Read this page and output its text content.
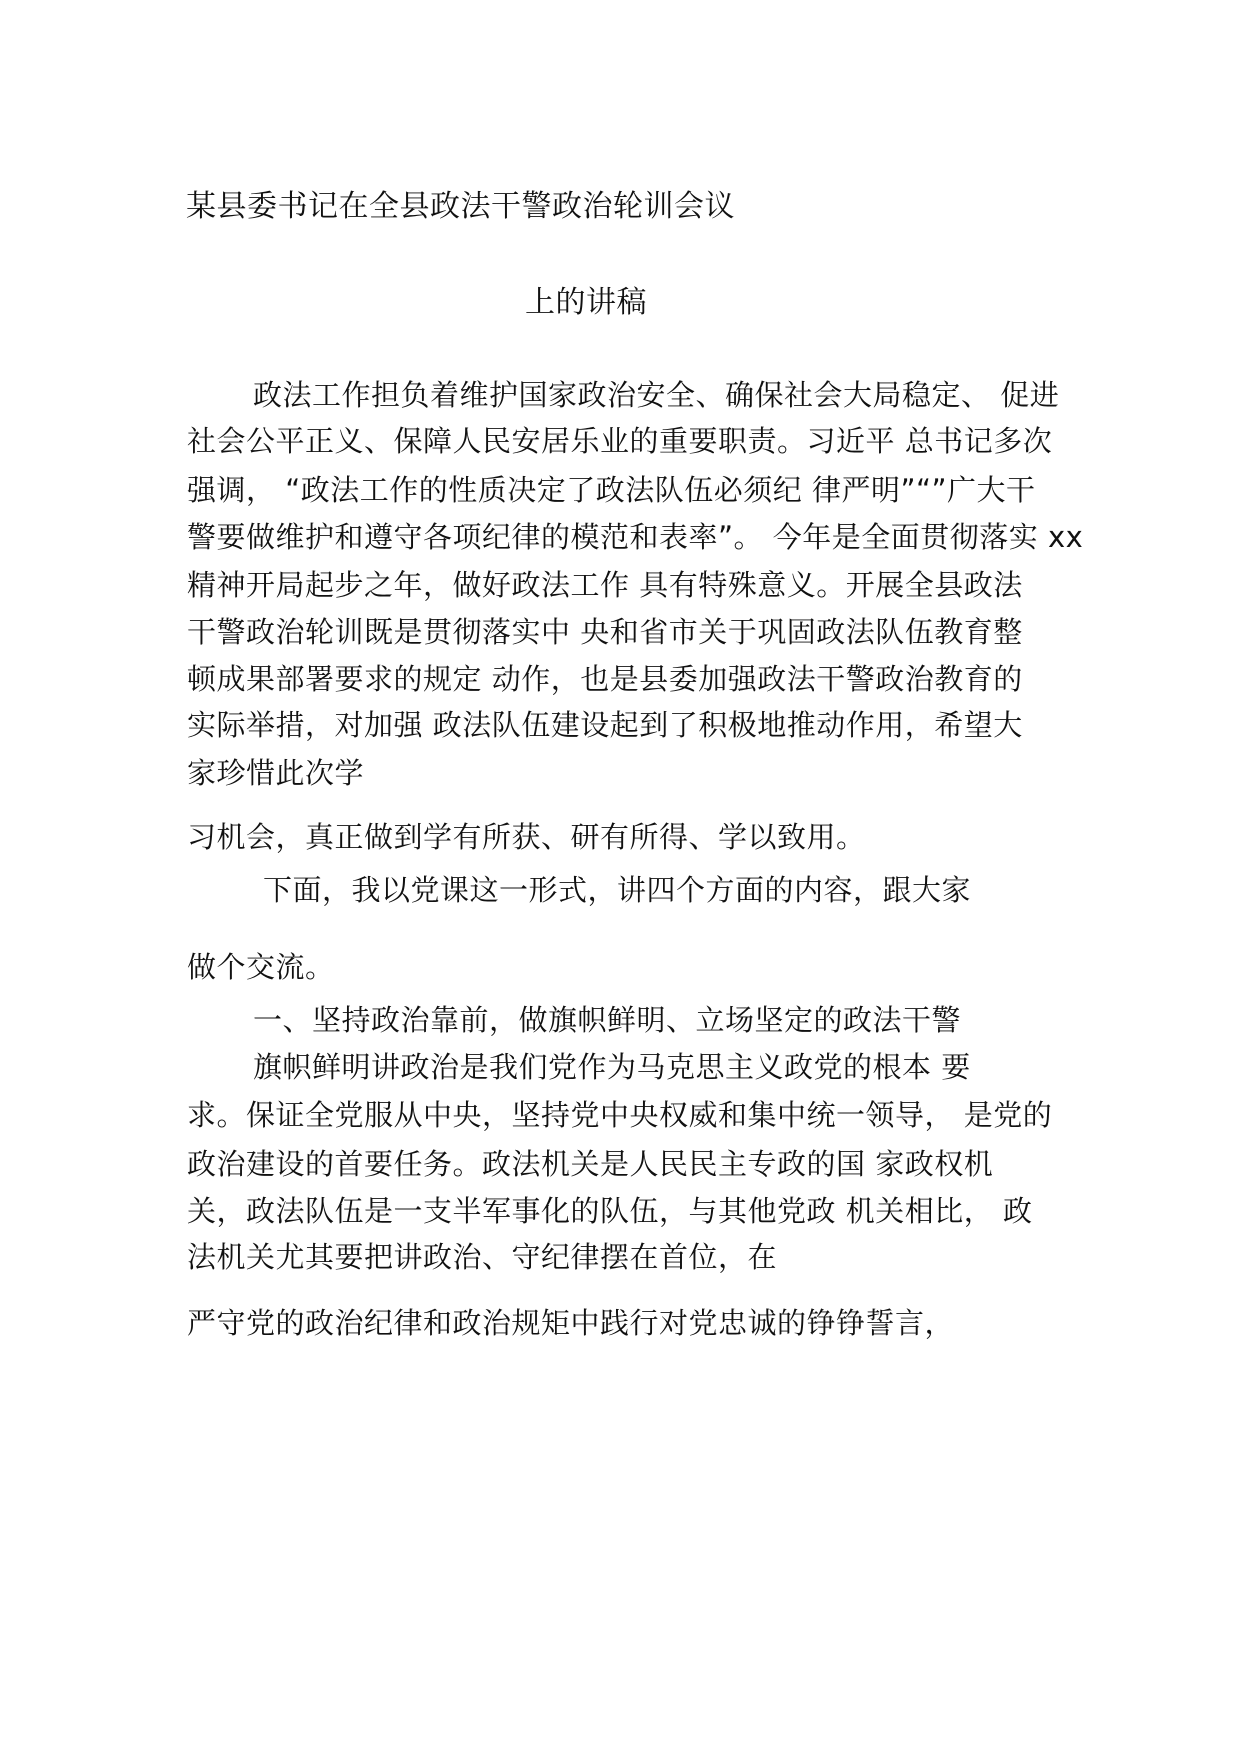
某县委书记在全县政法干警政治轮训会议
上的讲稿
政法工作担负着维护国家政治安全、确保社会大局稳定、 促进
社会公平正义、保障人民安居乐业的重要职责。习近平 总书记多次
强调， “政法工作的性质决定了政法队伍必须纪 律严明”“”广大干
警要做维护和遵守各项纪律的模范和表率”。 今年是全面贯彻落实 xx
精神开局起步之年，做好政法工作 具有特殊意义。开展全县政法
干警政治轮训既是贯彻落实中 央和省市关于巩固政法队伍教育整
顿成果部署要求的规定 动作，也是县委加强政法干警政治教育的
实际举措，对加强 政法队伍建设起到了积极地推动作用，希望大
家珍惜此次学
习机会，真正做到学有所获、研有所得、学以致用。
下面，我以党课这一形式，讲四个方面的内容，跟大家
做个交流。
一、坚持政治靠前，做旗帜鲜明、立场坚定的政法干警
旗帜鲜明讲政治是我们党作为马克思主义政党的根本 要
求。保证全党服从中央，坚持党中央权威和集中统一领导， 是党的
政治建设的首要任务。政法机关是人民民主专政的国 家政权机
关，政法队伍是一支半军事化的队伍，与其他党政 机关相比， 政
法机关尤其要把讲政治、守纪律摆在首位，在
严守党的政治纪律和政治规矩中践行对党忠诚的铮铮誓言，
